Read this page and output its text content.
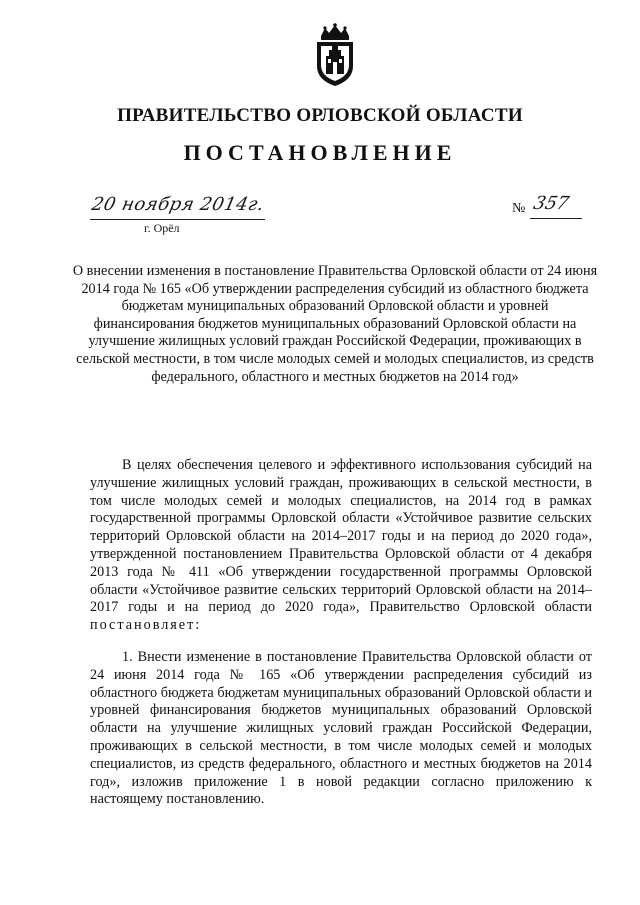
ПРАВИТЕЛЬСТВО ОРЛОВСКОЙ ОБЛАСТИ
ПОСТАНОВЛЕНИЕ
20 ноября 2014г.
г. Орёл
№ 357
О внесении изменения в постановление Правительства Орловской области от 24 июня 2014 года № 165 «Об утверждении распределения субсидий из областного бюджета бюджетам муниципальных образований Орловской области и уровней финансирования бюджетов муниципальных образований Орловской области на улучшение жилищных условий граждан Российской Федерации, проживающих в сельской местности, в том числе молодых семей и молодых специалистов, из средств федерального, областного и местных бюджетов на 2014 год»

В целях обеспечения целевого и эффективного использования субсидий на улучшение жилищных условий граждан, проживающих в сельской местности, в том числе молодых семей и молодых специалистов, на 2014 год в рамках государственной программы Орловской области «Устойчивое развитие сельских территорий Орловской области на 2014–2017 годы и на период до 2020 года», утвержденной постановлением Правительства Орловской области от 4 декабря 2013 года № 411 «Об утверждении государственной программы Орловской области «Устойчивое развитие сельских территорий Орловской области на 2014–2017 годы и на период до 2020 года», Правительство Орловской области постановляет:

1. Внести изменение в постановление Правительства Орловской области от 24 июня 2014 года № 165 «Об утверждении распределения субсидий из областного бюджета бюджетам муниципальных образований Орловской области и уровней финансирования бюджетов муниципальных образований Орловской области на улучшение жилищных условий граждан Российской Федерации, проживающих в сельской местности, в том числе молодых семей и молодых специалистов, из средств федерального, областного и местных бюджетов на 2014 год», изложив приложение 1 в новой редакции согласно приложению к настоящему постановлению.
